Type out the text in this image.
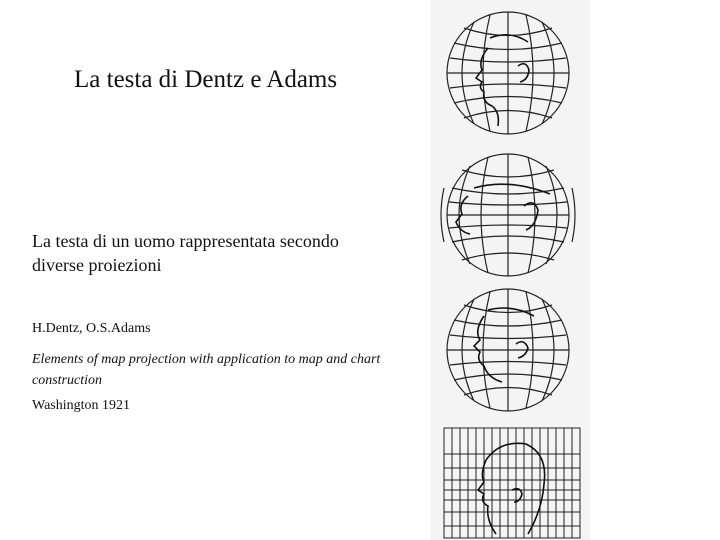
La testa di Dentz e Adams
La testa di un uomo rappresentata secondo diverse proiezioni
H.Dentz, O.S.Adams
Elements of map projection with application to map and chart construction
Washington 1921
